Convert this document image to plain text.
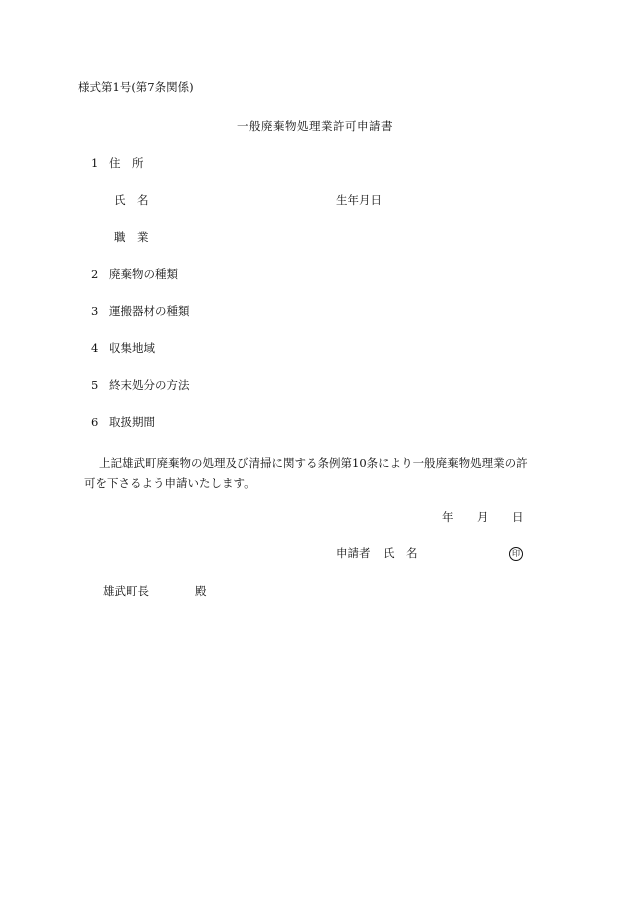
様式第1号(第7条関係)
一般廃棄物処理業許可申請書
1 住　所
氏　名	生年月日
職　業
2 廃棄物の種類
3 運搬器材の種類
4 収集地域
5 終末処分の方法
6 取扱期間
上記雄武町廃棄物の処理及び清掃に関する条例第10条により一般廃棄物処理業の許可を下さるよう申請いたします。
年 月 日
申請者 氏　名	印
雄武町長	殿
